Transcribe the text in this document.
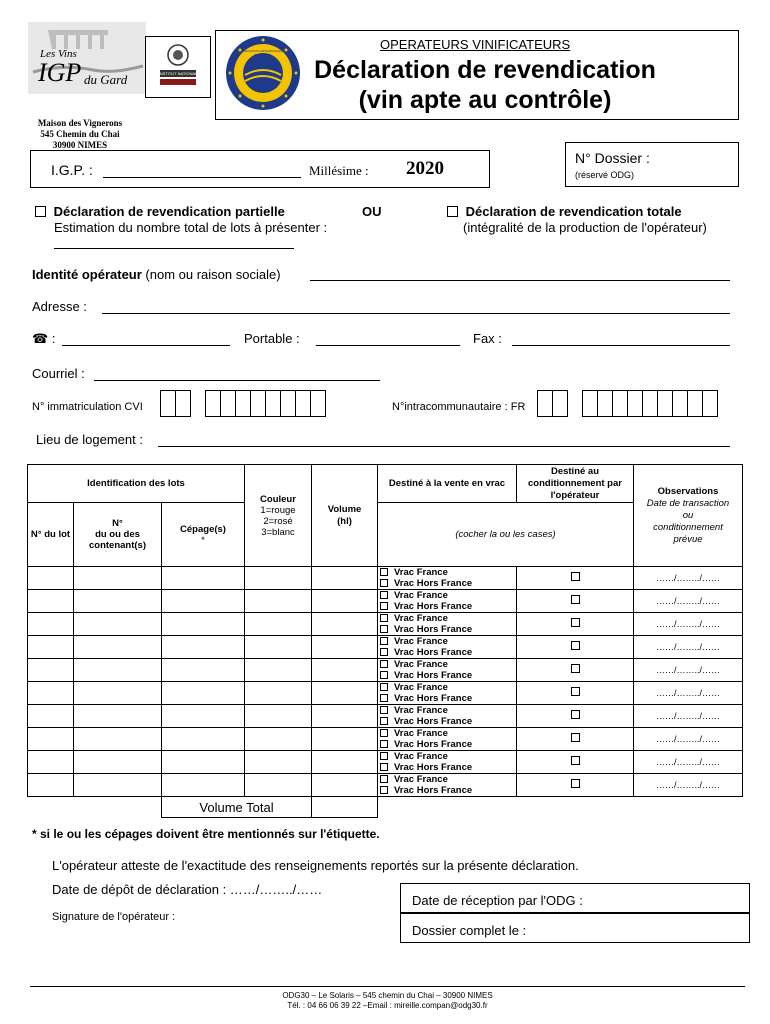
Les Vins
IGP du Gard	INSTITUT NATIONAL
INDICATION GÉOGRAPHIQUE PROTÉGÉE
OPERATEURS VINIFICATEURS
Déclaration de revendication
(vin apte au contrôle)
Maison des Vignerons
545 Chemin du Chai
30900 NIMES
I.G.P. :	Millésime : 2020	N° Dossier :
(réservé ODG)
Déclaration de revendication partielle	OU	Déclaration de revendication totale
Estimation du nombre total de lots à présenter :	(intégralité de la production de l'opérateur)
Identité opérateur (nom ou raison sociale)
Adresse :
☎ :	Portable :	Fax :
Courriel :
N° immatriculation CVI	N°intracommunautaire : FR
Lieu de logement :
Identification des lots			Couleur
1=rouge
2=rosé
3=blanc	Volume
(hl)	Destiné à la vente en vrac	Destiné au conditionnement par l'opérateur	Observations
Date de transaction
ou
conditionnement
prévue
N° du lot	N°
du ou des contenant(s)	Cépage(s)
*			(cocher la ou les cases)		

					Vrac France
Vrac Hors France		……/……../……

					Vrac France
Vrac Hors France		……/……../……

					Vrac France
Vrac Hors France		……/……../……

					Vrac France
Vrac Hors France		……/……../……

					Vrac France
Vrac Hors France		……/……../……

					Vrac France
Vrac Hors France		……/……../……

					Vrac France
Vrac Hors France		……/……../……

					Vrac France
Vrac Hors France		……/……../……

					Vrac France
Vrac Hors France		……/……../……

					Vrac France
Vrac Hors France		……/……../……
		Volume Total					
* si le ou les cépages doivent être mentionnés sur l'étiquette.
L'opérateur atteste de l'exactitude des renseignements reportés sur la présente déclaration.
Date de dépôt de déclaration : ……/……../……
Signature de l'opérateur :
Date de réception par l'ODG :
Dossier complet le :
ODG30 – Le Solaris – 545 chemin du Chai – 30900 NIMES
Tél. : 04 66 06 39 22 –Email : mireille.compan@odg30.fr
